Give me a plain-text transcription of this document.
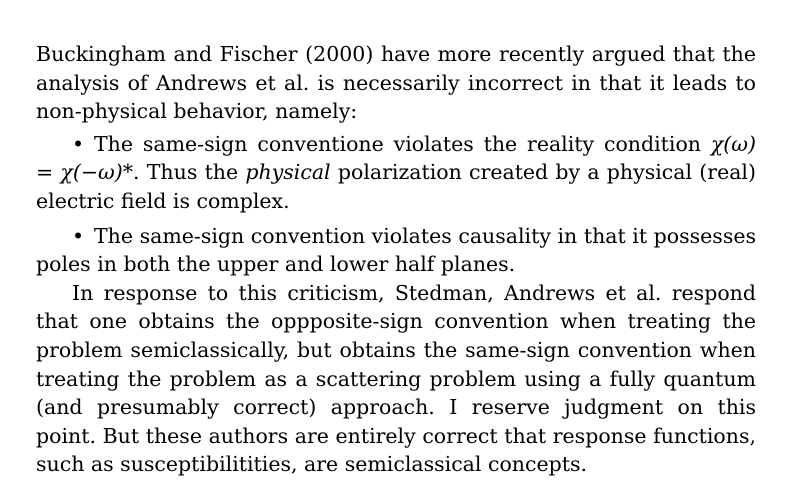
Buckingham and Fischer (2000) have more recently argued that the analysis of Andrews et al. is necessarily incorrect in that it leads to non-physical behavior, namely:

• The same-sign conventione violates the reality condition χ(ω) = χ(−ω)*. Thus the physical polarization created by a physical (real) electric field is complex.

• The same-sign convention violates causality in that it possesses poles in both the upper and lower half planes.

In response to this criticism, Stedman, Andrews et al. respond that one obtains the oppposite-sign convention when treating the problem semiclassically, but obtains the same-sign convention when treating the problem as a scattering problem using a fully quantum (and presumably correct) approach. I reserve judgment on this point. But these authors are entirely correct that response functions, such as susceptibilitities, are semiclassical concepts.
